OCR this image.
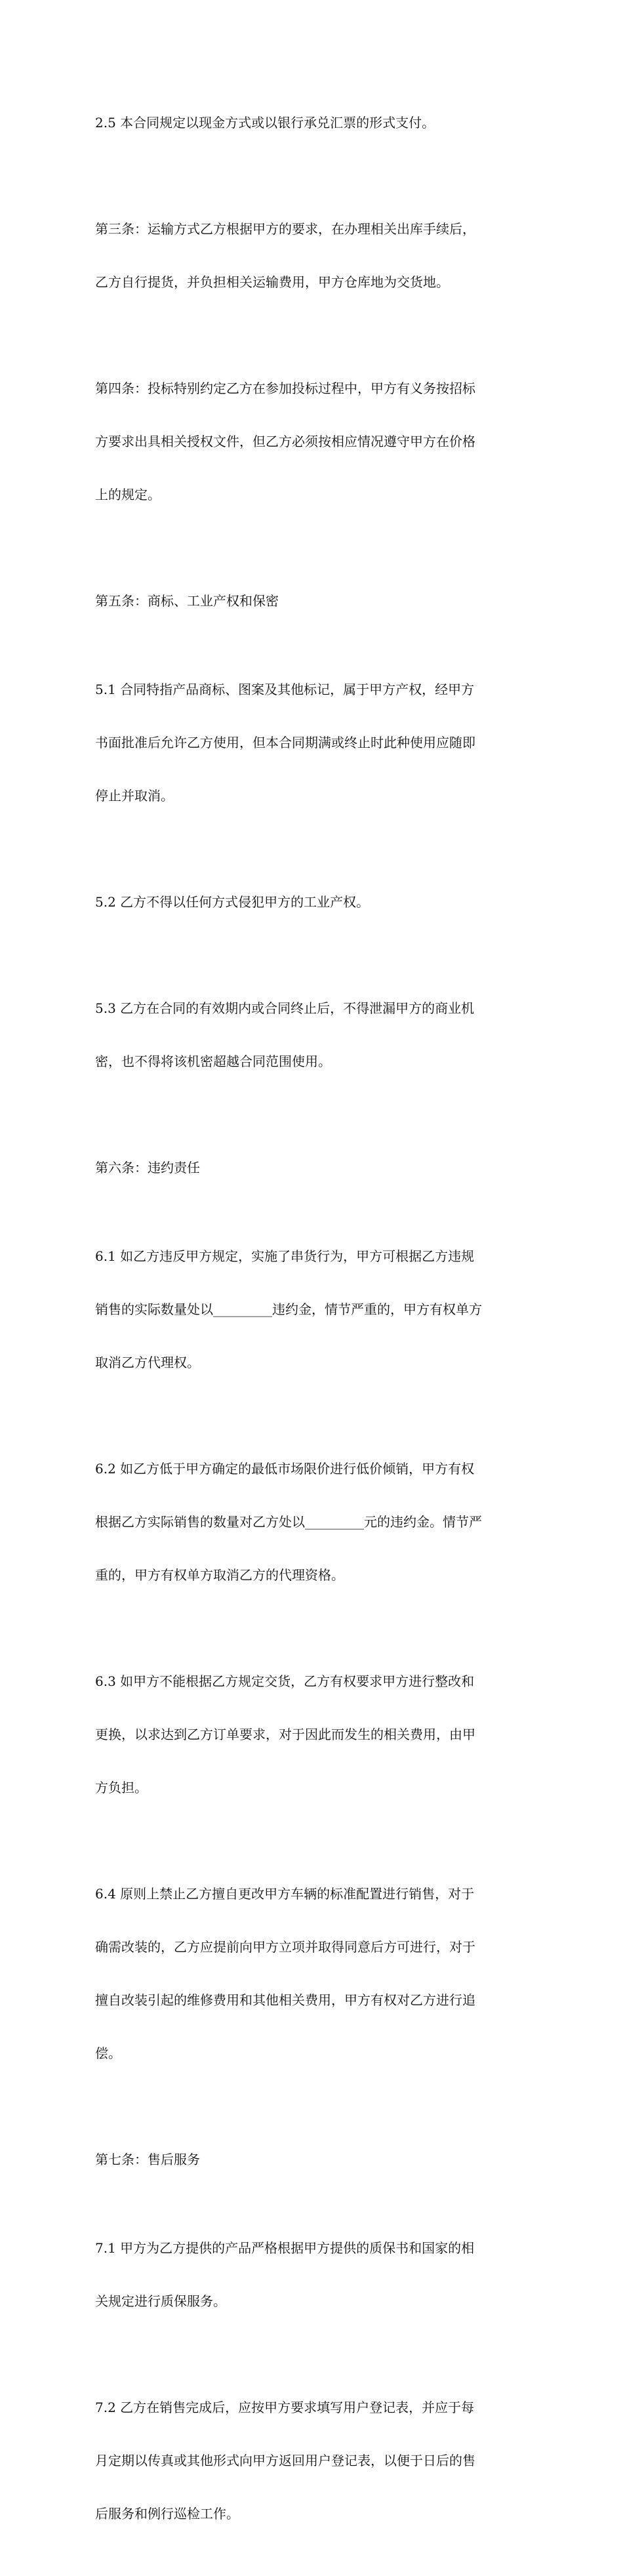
2.5 本合同规定以现金方式或以银行承兑汇票的形式支付。

第三条：运输方式乙方根据甲方的要求，在办理相关出库手续后，

乙方自行提货，并负担相关运输费用，甲方仓库地为交货地。

第四条：投标特别约定乙方在参加投标过程中，甲方有义务按招标

方要求出具相关授权文件，但乙方必须按相应情况遵守甲方在价格

上的规定。

第五条：商标、工业产权和保密

5.1 合同特指产品商标、图案及其他标记，属于甲方产权，经甲方

书面批准后允许乙方使用，但本合同期满或终止时此种使用应随即

停止并取消。

5.2 乙方不得以任何方式侵犯甲方的工业产权。

5.3 乙方在合同的有效期内或合同终止后，不得泄漏甲方的商业机

密，也不得将该机密超越合同范围使用。

第六条：违约责任

6.1 如乙方违反甲方规定，实施了串货行为，甲方可根据乙方违规

销售的实际数量处以_________违约金，情节严重的，甲方有权单方

取消乙方代理权。

6.2 如乙方低于甲方确定的最低市场限价进行低价倾销，甲方有权

根据乙方实际销售的数量对乙方处以_________元的违约金。情节严

重的，甲方有权单方取消乙方的代理资格。

6.3 如甲方不能根据乙方规定交货，乙方有权要求甲方进行整改和

更换，以求达到乙方订单要求，对于因此而发生的相关费用，由甲

方负担。

6.4 原则上禁止乙方擅自更改甲方车辆的标准配置进行销售，对于

确需改装的，乙方应提前向甲方立项并取得同意后方可进行，对于

擅自改装引起的维修费用和其他相关费用，甲方有权对乙方进行追

偿。

第七条：售后服务

7.1 甲方为乙方提供的产品严格根据甲方提供的质保书和国家的相

关规定进行质保服务。

7.2 乙方在销售完成后，应按甲方要求填写用户登记表，并应于每

月定期以传真或其他形式向甲方返回用户登记表，以便于日后的售

后服务和例行巡检工作。
